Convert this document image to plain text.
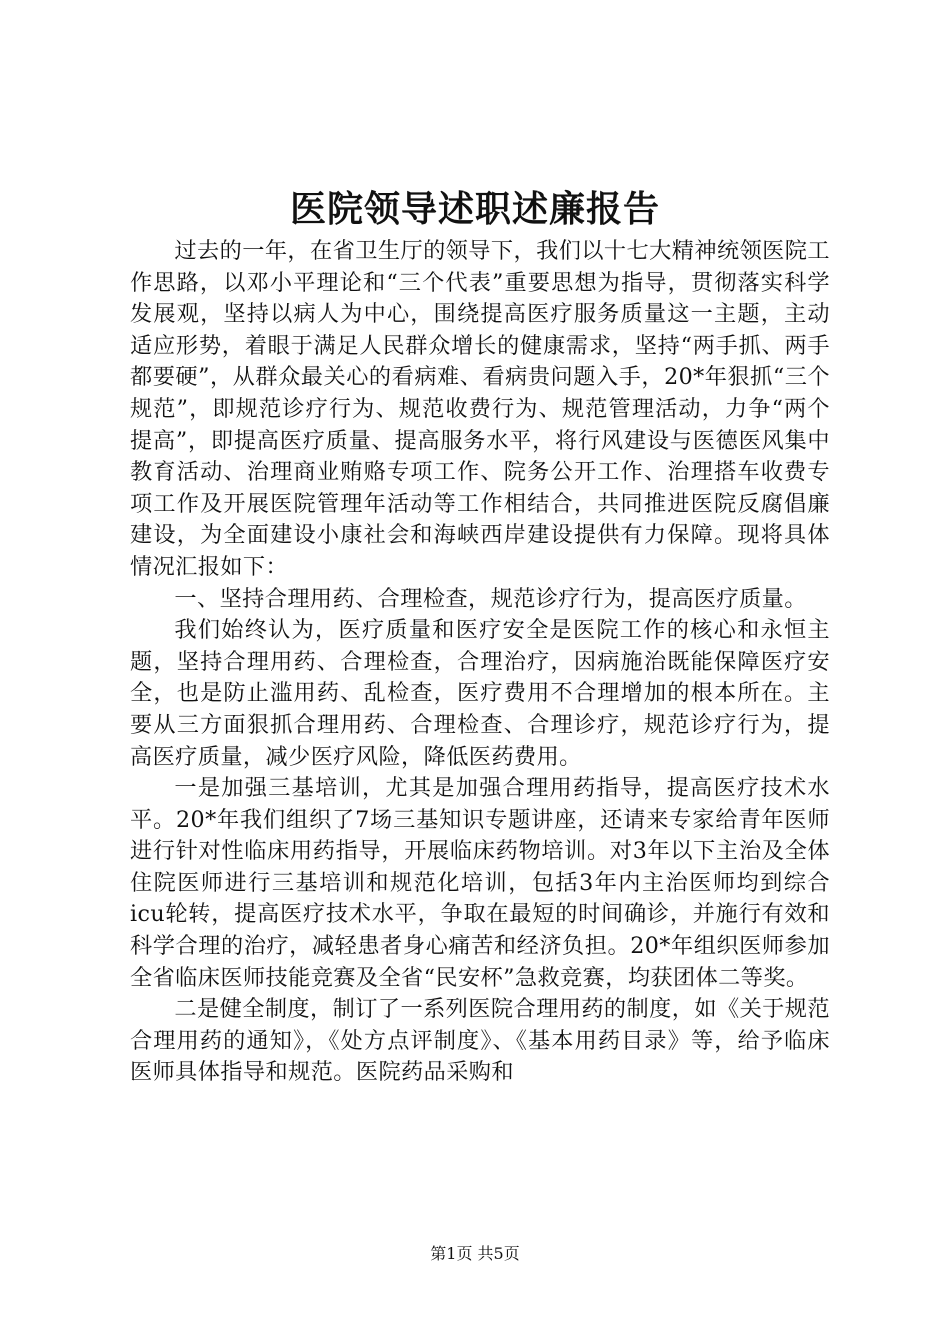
医院领导述职述廉报告

过去的一年，在省卫生厅的领导下，我们以十七大精神统领医院工作思路，以邓小平理论和“三个代表”重要思想为指导，贯彻落实科学发展观，坚持以病人为中心，围绕提高医疗服务质量这一主题，主动适应形势，着眼于满足人民群众增长的健康需求，坚持“两手抓、两手都要硬”，从群众最关心的看病难、看病贵问题入手，20*年狠抓“三个规范”，即规范诊疗行为、规范收费行为、规范管理活动，力争“两个提高”，即提高医疗质量、提高服务水平，将行风建设与医德医风集中教育活动、治理商业贿赂专项工作、院务公开工作、治理搭车收费专项工作及开展医院管理年活动等工作相结合，共同推进医院反腐倡廉建设，为全面建设小康社会和海峡西岸建设提供有力保障。现将具体情况汇报如下：

一、坚持合理用药、合理检查，规范诊疗行为，提高医疗质量。

我们始终认为，医疗质量和医疗安全是医院工作的核心和永恒主题，坚持合理用药、合理检查，合理治疗，因病施治既能保障医疗安全，也是防止滥用药、乱检查，医疗费用不合理增加的根本所在。主要从三方面狠抓合理用药、合理检查、合理诊疗，规范诊疗行为，提高医疗质量，减少医疗风险，降低医药费用。

一是加强三基培训，尤其是加强合理用药指导，提高医疗技术水平。20*年我们组织了7场三基知识专题讲座，还请来专家给青年医师进行针对性临床用药指导，开展临床药物培训。对3年以下主治及全体住院医师进行三基培训和规范化培训，包括3年内主治医师均到综合icu轮转，提高医疗技术水平，争取在最短的时间确诊，并施行有效和科学合理的治疗，减轻患者身心痛苦和经济负担。20*年组织医师参加全省临床医师技能竞赛及全省“民安杯”急救竞赛，均获团体二等奖。

二是健全制度，制订了一系列医院合理用药的制度，如《关于规范合理用药的通知》，《处方点评制度》、《基本用药目录》等，给予临床医师具体指导和规范。医院药品采购和

第1页 共5页
